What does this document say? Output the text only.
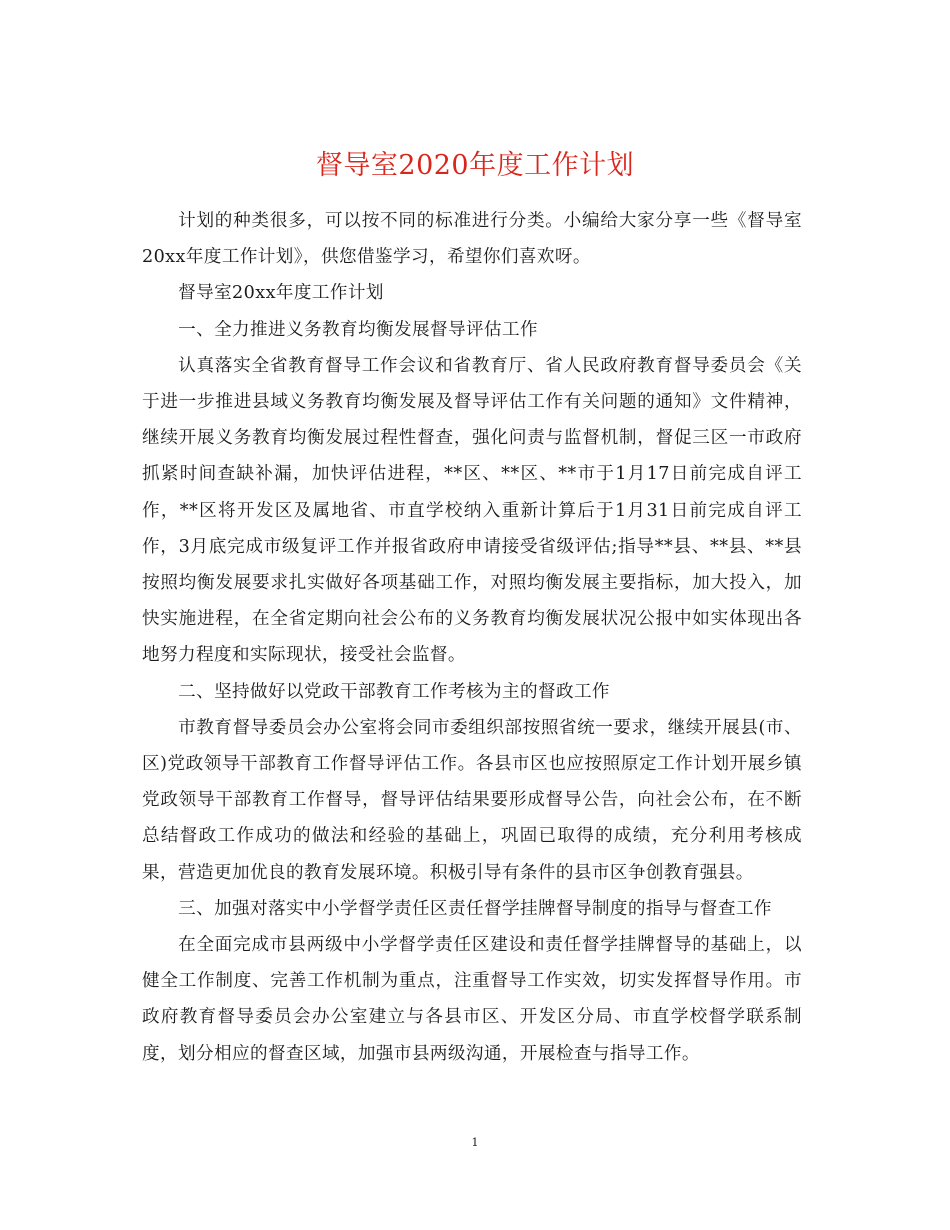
督导室2020年度工作计划

计划的种类很多，可以按不同的标准进行分类。小编给大家分享一些《督导室20xx年度工作计划》，供您借鉴学习，希望你们喜欢呀。

督导室20xx年度工作计划

一、全力推进义务教育均衡发展督导评估工作

认真落实全省教育督导工作会议和省教育厅、省人民政府教育督导委员会《关于进一步推进县域义务教育均衡发展及督导评估工作有关问题的通知》文件精神，继续开展义务教育均衡发展过程性督查，强化问责与监督机制，督促三区一市政府抓紧时间查缺补漏，加快评估进程，**区、**区、**市于1月17日前完成自评工作，**区将开发区及属地省、市直学校纳入重新计算后于1月31日前完成自评工作，3月底完成市级复评工作并报省政府申请接受省级评估;指导**县、**县、**县按照均衡发展要求扎实做好各项基础工作，对照均衡发展主要指标，加大投入，加快实施进程，在全省定期向社会公布的义务教育均衡发展状况公报中如实体现出各地努力程度和实际现状，接受社会监督。

二、坚持做好以党政干部教育工作考核为主的督政工作

市教育督导委员会办公室将会同市委组织部按照省统一要求，继续开展县(市、区)党政领导干部教育工作督导评估工作。各县市区也应按照原定工作计划开展乡镇党政领导干部教育工作督导，督导评估结果要形成督导公告，向社会公布，在不断总结督政工作成功的做法和经验的基础上，巩固已取得的成绩，充分利用考核成果，营造更加优良的教育发展环境。积极引导有条件的县市区争创教育强县。

三、加强对落实中小学督学责任区责任督学挂牌督导制度的指导与督查工作

在全面完成市县两级中小学督学责任区建设和责任督学挂牌督导的基础上，以健全工作制度、完善工作机制为重点，注重督导工作实效，切实发挥督导作用。市政府教育督导委员会办公室建立与各县市区、开发区分局、市直学校督学联系制度，划分相应的督查区域，加强市县两级沟通，开展检查与指导工作。

1
